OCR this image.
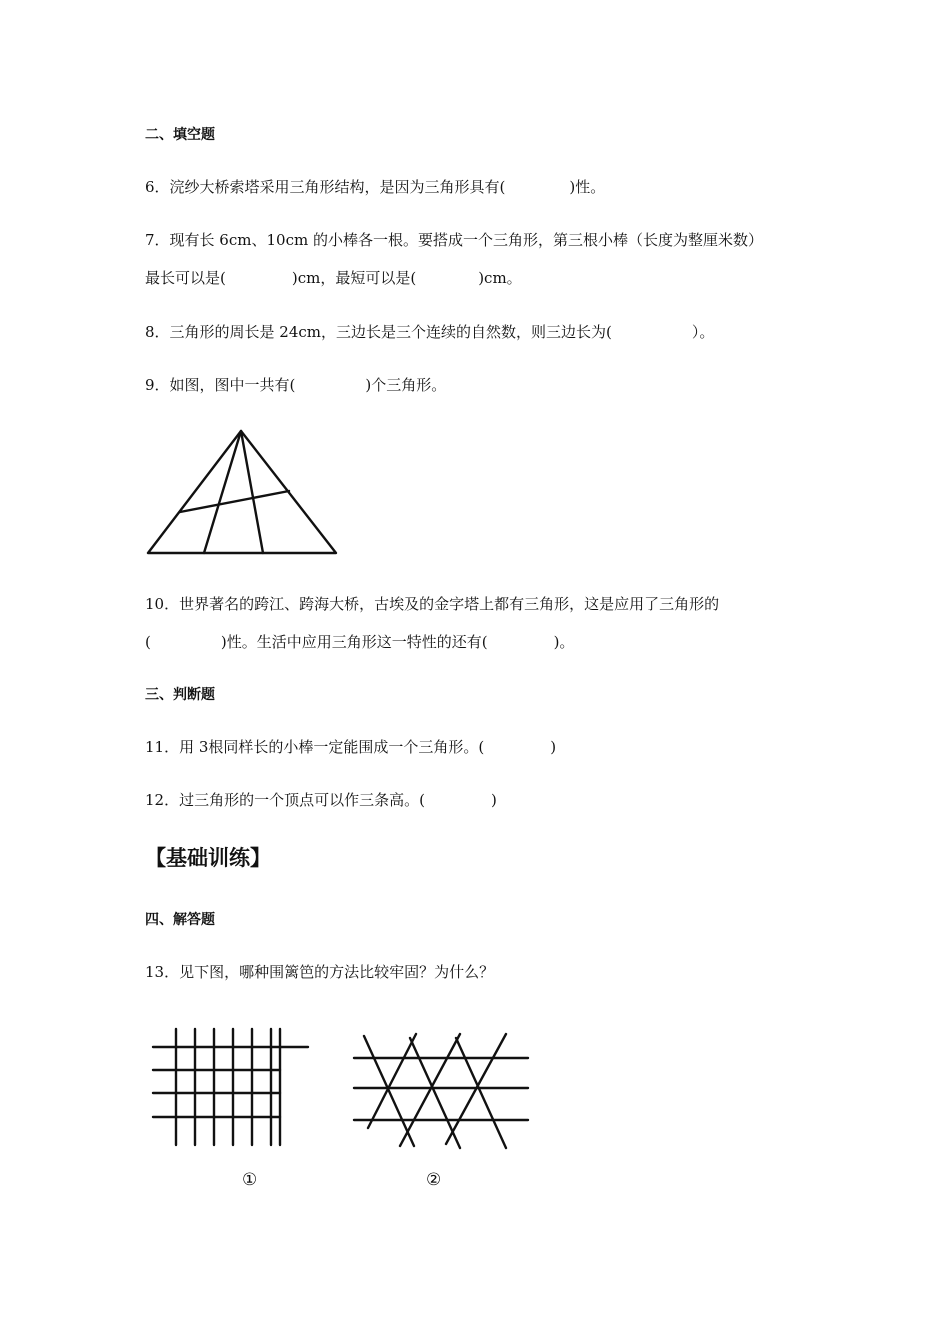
二、填空题
6．浣纱大桥索塔采用三角形结构，是因为三角形具有(	)性。
7．现有长 6cm、10cm 的小棒各一根。要搭成一个三角形，第三根小棒（长度为整厘米数）
最长可以是(	)cm，最短可以是(	)cm。
8．三角形的周长是 24cm，三边长是三个连续的自然数，则三边长为(	）。
9．如图，图中一共有(	)个三角形。
10．世界著名的跨江、跨海大桥，古埃及的金字塔上都有三角形，这是应用了三角形的
(	)性。生活中应用三角形这一特性的还有(	)。
三、判断题
11．用 3根同样长的小棒一定能围成一个三角形。(	)
12．过三角形的一个顶点可以作三条高。(	)
【基础训练】
四、解答题
13．见下图，哪种围篱笆的方法比较牢固？为什么？
①	②
